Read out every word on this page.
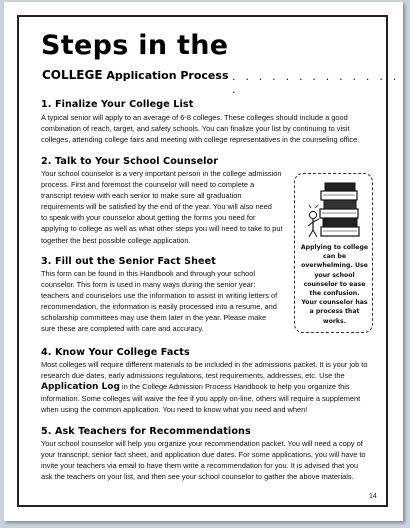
Steps in the
COLLEGE Application Process . . . . . . . . . . . . . .
1. Finalize Your College List
A typical senior will apply to an average of 6-8 colleges. These colleges should include a good
combination of reach, target, and safety schools. You can finalize your list by continuing to visit
colleges, attending college fairs and meeting with college representatives in the counseling office.
2. Talk to Your School Counselor
Your school counselor is a very important person in the college admission
process. First and foremost the counselor will need to complete a
transcript review with each senior to make sure all graduation
requirements will be satisfied by the end of the year. You will also need
to speak with your counselor about getting the forms you need for
applying to college as well as what other steps you will need to take to put
together the best possible college application.
3. Fill out the Senior Fact Sheet
This form can be found in this Handbook and through your school
counselor. This form is used in many ways during the senior year:
teachers and counselors use the information to assist in writing letters of
recommendation, the information is easily processed into a resume, and
scholarship committees may use them later in the year. Please make
sure these are completed with care and accuracy.
Applying to college
can be
overwhelming. Use
your school
counselor to ease
the confusion.
Your counselor has
a process that
works.
4. Know Your College Facts
Most colleges will require different materials to be included in the admissions packet. It is your job to
research due dates, early admissions regulations, test requirements, addresses, etc. Use the
Application Log in the College Admission Process Handbook to help you organize this
information. Some colleges will waive the fee if you apply on-line, others will require a supplement
when using the common application. You need to know what you need and when!
5. Ask Teachers for Recommendations
Your school counselor will help you organize your recommendation packet. You will need a copy of
your transcript, senior fact sheet, and application due dates. For some applications, you will have to
invite your teachers via email to have them write a recommendation for you. It is advised that you
ask the teachers on your list, and then see your school counselor to gather the above materials.
14
